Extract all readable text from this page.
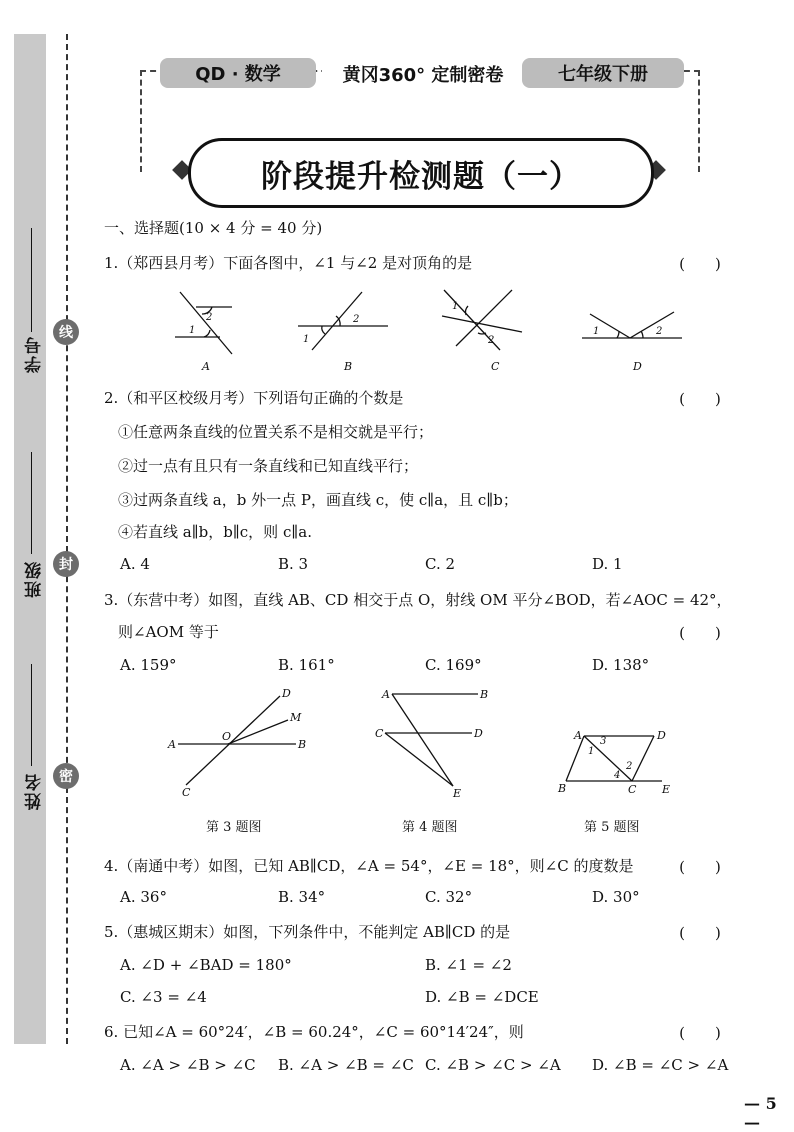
线
封
密
学号
班级
姓名
QD · 数学	黄冈360° 定制密卷	七年级下册
阶段提升检测题（一）
一、选择题(10 × 4 分 = 40 分)
1.（郑西县月考）下面各图中，∠1 与∠2 是对顶角的是	(　　)
A
2
1
B
2
1
C
1
2
D
1	2
A	B
C
D
O
M
A	B
C	D
E
A	D
B	C E
1
3
2
4
2.（和平区校级月考）下列语句正确的个数是	(　　)
①任意两条直线的位置关系不是相交就是平行；
②过一点有且只有一条直线和已知直线平行；
③过两条直线 a，b 外一点 P，画直线 c，使 c∥a，且 c∥b；
④若直线 a∥b，b∥c，则 c∥a.
A. 4	B. 3	C. 2	D. 1
3.（东营中考）如图，直线 AB、CD 相交于点 O，射线 OM 平分∠BOD，若∠AOC = 42°，
则∠AOM 等于	(　　)
A. 159°	B. 161°	C. 169°	D. 138°
第 3 题图	第 4 题图	第 5 题图
4.（南通中考）如图，已知 AB∥CD，∠A = 54°，∠E = 18°，则∠C 的度数是	(　　)
A. 36°	B. 34°	C. 32°	D. 30°
5.（惠城区期末）如图，下列条件中，不能判定 AB∥CD 的是	(　　)
A. ∠D + ∠BAD = 180°	B. ∠1 = ∠2
C. ∠3 = ∠4	D. ∠B = ∠DCE
6. 已知∠A = 60°24′，∠B = 60.24°，∠C = 60°14′24″，则	(　　)
A. ∠A > ∠B > ∠C B. ∠A > ∠B = ∠C C. ∠B > ∠C > ∠A D. ∠B = ∠C > ∠A
— 5 —
